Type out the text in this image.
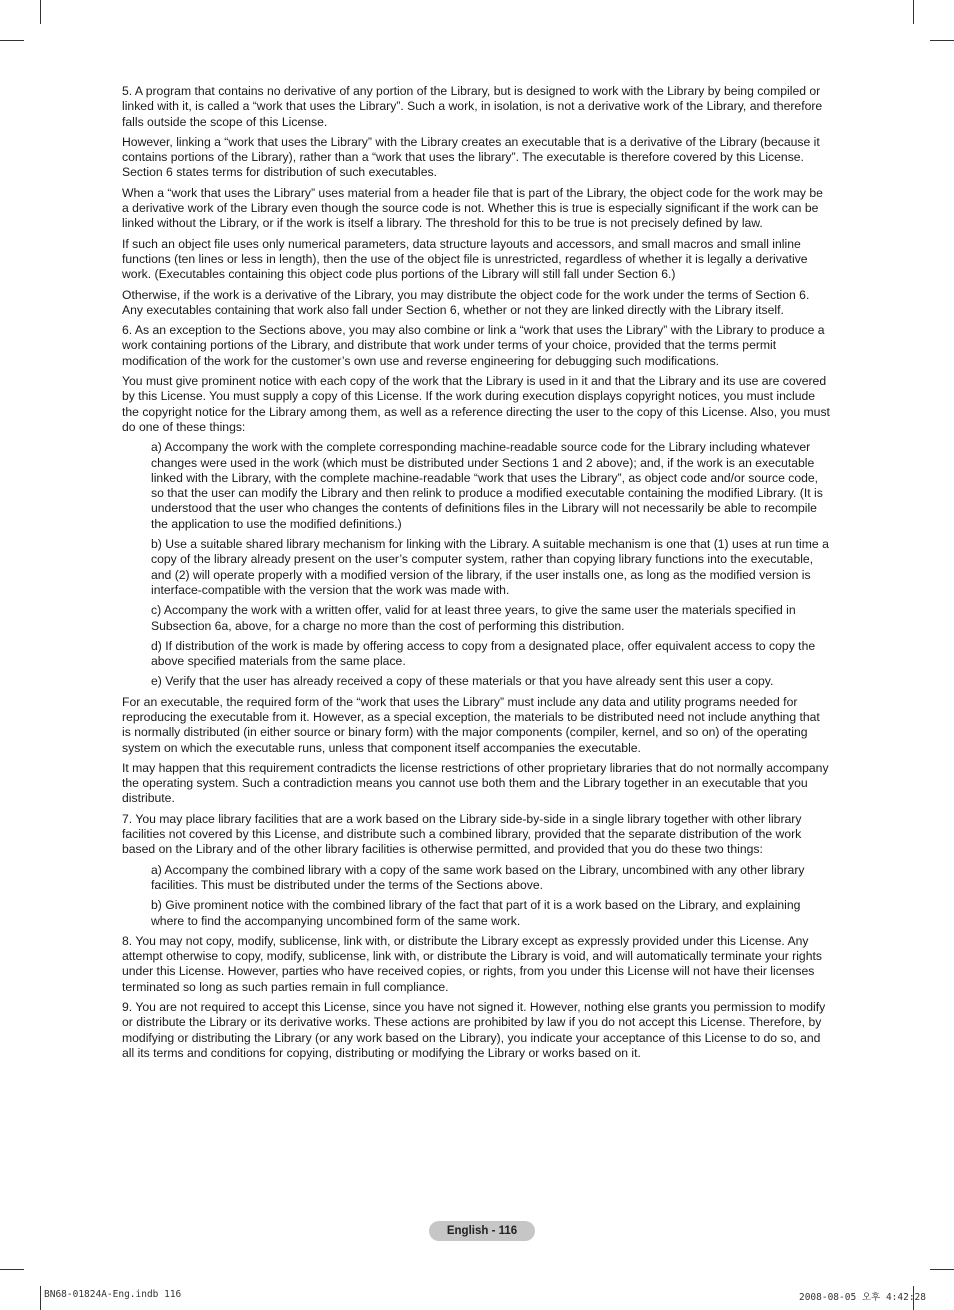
5. A program that contains no derivative of any portion of the Library, but is designed to work with the Library by being compiled or linked with it, is called a “work that uses the Library”. Such a work, in isolation, is not a derivative work of the Library, and therefore falls outside the scope of this License.

However, linking a “work that uses the Library” with the Library creates an executable that is a derivative of the Library (because it contains portions of the Library), rather than a “work that uses the library”. The executable is therefore covered by this License. Section 6 states terms for distribution of such executables.

When a “work that uses the Library” uses material from a header file that is part of the Library, the object code for the work may be a derivative work of the Library even though the source code is not. Whether this is true is especially significant if the work can be linked without the Library, or if the work is itself a library. The threshold for this to be true is not precisely defined by law.

If such an object file uses only numerical parameters, data structure layouts and accessors, and small macros and small inline functions (ten lines or less in length), then the use of the object file is unrestricted, regardless of whether it is legally a derivative work. (Executables containing this object code plus portions of the Library will still fall under Section 6.)

Otherwise, if the work is a derivative of the Library, you may distribute the object code for the work under the terms of Section 6. Any executables containing that work also fall under Section 6, whether or not they are linked directly with the Library itself.

6. As an exception to the Sections above, you may also combine or link a “work that uses the Library” with the Library to produce a work containing portions of the Library, and distribute that work under terms of your choice, provided that the terms permit modification of the work for the customer’s own use and reverse engineering for debugging such modifications.

You must give prominent notice with each copy of the work that the Library is used in it and that the Library and its use are covered by this License. You must supply a copy of this License. If the work during execution displays copyright notices, you must include the copyright notice for the Library among them, as well as a reference directing the user to the copy of this License. Also, you must do one of these things:

a) Accompany the work with the complete corresponding machine-readable source code for the Library including whatever changes were used in the work (which must be distributed under Sections 1 and 2 above); and, if the work is an executable linked with the Library, with the complete machine-readable “work that uses the Library”, as object code and/or source code, so that the user can modify the Library and then relink to produce a modified executable containing the modified Library. (It is understood that the user who changes the contents of definitions files in the Library will not necessarily be able to recompile the application to use the modified definitions.)

b) Use a suitable shared library mechanism for linking with the Library. A suitable mechanism is one that (1) uses at run time a copy of the library already present on the user’s computer system, rather than copying library functions into the executable, and (2) will operate properly with a modified version of the library, if the user installs one, as long as the modified version is interface-compatible with the version that the work was made with.

c) Accompany the work with a written offer, valid for at least three years, to give the same user the materials specified in Subsection 6a, above, for a charge no more than the cost of performing this distribution.

d) If distribution of the work is made by offering access to copy from a designated place, offer equivalent access to copy the above specified materials from the same place.

e) Verify that the user has already received a copy of these materials or that you have already sent this user a copy.

For an executable, the required form of the “work that uses the Library” must include any data and utility programs needed for reproducing the executable from it. However, as a special exception, the materials to be distributed need not include anything that is normally distributed (in either source or binary form) with the major components (compiler, kernel, and so on) of the operating system on which the executable runs, unless that component itself accompanies the executable.

It may happen that this requirement contradicts the license restrictions of other proprietary libraries that do not normally accompany the operating system. Such a contradiction means you cannot use both them and the Library together in an executable that you distribute.

7. You may place library facilities that are a work based on the Library side-by-side in a single library together with other library facilities not covered by this License, and distribute such a combined library, provided that the separate distribution of the work based on the Library and of the other library facilities is otherwise permitted, and provided that you do these two things:

a) Accompany the combined library with a copy of the same work based on the Library, uncombined with any other library facilities. This must be distributed under the terms of the Sections above.

b) Give prominent notice with the combined library of the fact that part of it is a work based on the Library, and explaining where to find the accompanying uncombined form of the same work.

8. You may not copy, modify, sublicense, link with, or distribute the Library except as expressly provided under this License. Any attempt otherwise to copy, modify, sublicense, link with, or distribute the Library is void, and will automatically terminate your rights under this License. However, parties who have received copies, or rights, from you under this License will not have their licenses terminated so long as such parties remain in full compliance.

9. You are not required to accept this License, since you have not signed it. However, nothing else grants you permission to modify or distribute the Library or its derivative works. These actions are prohibited by law if you do not accept this License. Therefore, by modifying or distributing the Library (or any work based on the Library), you indicate your acceptance of this License to do so, and all its terms and conditions for copying, distributing or modifying the Library or works based on it.

English - 116
BN68-01824A-Eng.indb 116	2008-08-05 오후 4:42:28
